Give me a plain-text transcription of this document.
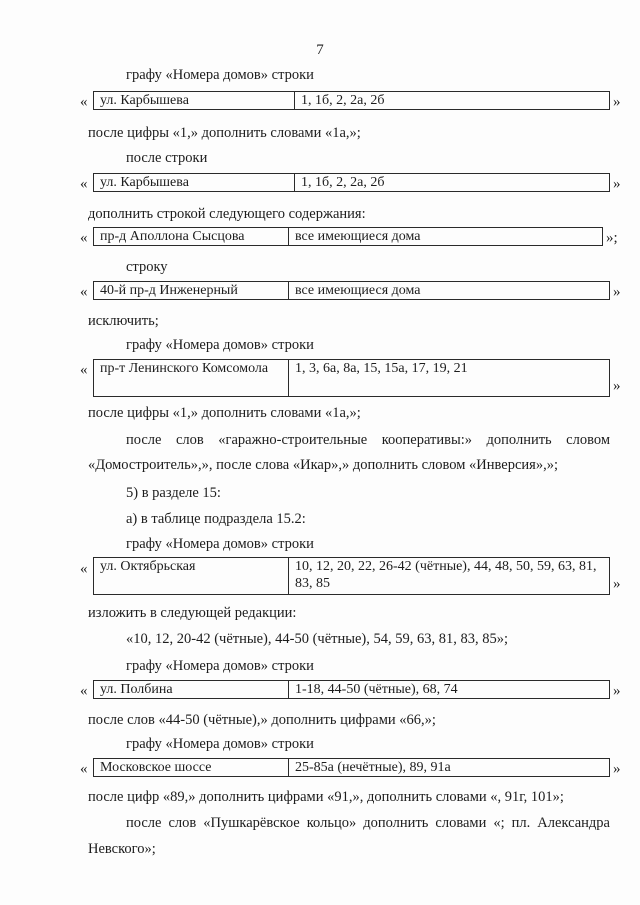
7
графу «Номера домов» строки
« ул. Карбышева	1, 1б, 2, 2а, 2б	»
после цифры «1,» дополнить словами «1а,»;
после строки
« ул. Карбышева	1, 1б, 2, 2а, 2б	»
дополнить строкой следующего содержания:
« пр-д Аполлона Сысцова	все имеющиеся дома	»;
строку
« 40-й пр-д Инженерный	все имеющиеся дома	»
исключить;
графу «Номера домов» строки
« пр-т Ленинского Комсомола	1, 3, 6а, 8а, 15, 15а, 17, 19, 21
»
после цифры «1,» дополнить словами «1а,»;
после слов «гаражно-строительные кооперативы:» дополнить словом
«Домостроитель»,», после слова «Икар»,» дополнить словом «Инверсия»,»;
5) в разделе 15:
а) в таблице подраздела 15.2:
графу «Номера домов» строки
« ул. Октябрьская	10, 12, 20, 22, 26-42 (чётные), 44, 48, 50, 59, 63, 81, 83, 85	»
изложить в следующей редакции:
«10, 12, 20-42 (чётные), 44-50 (чётные), 54, 59, 63, 81, 83, 85»;
графу «Номера домов» строки
« ул. Полбина	1-18, 44-50 (чётные), 68, 74	»
после слов «44-50 (чётные),» дополнить цифрами «66,»;
графу «Номера домов» строки
« Московское шоссе	25-85а (нечётные), 89, 91а	»
после цифр «89,» дополнить цифрами «91,», дополнить словами «, 91г, 101»;
после слов «Пушкарёвское кольцо» дополнить словами «; пл. Александра
Невского»;
